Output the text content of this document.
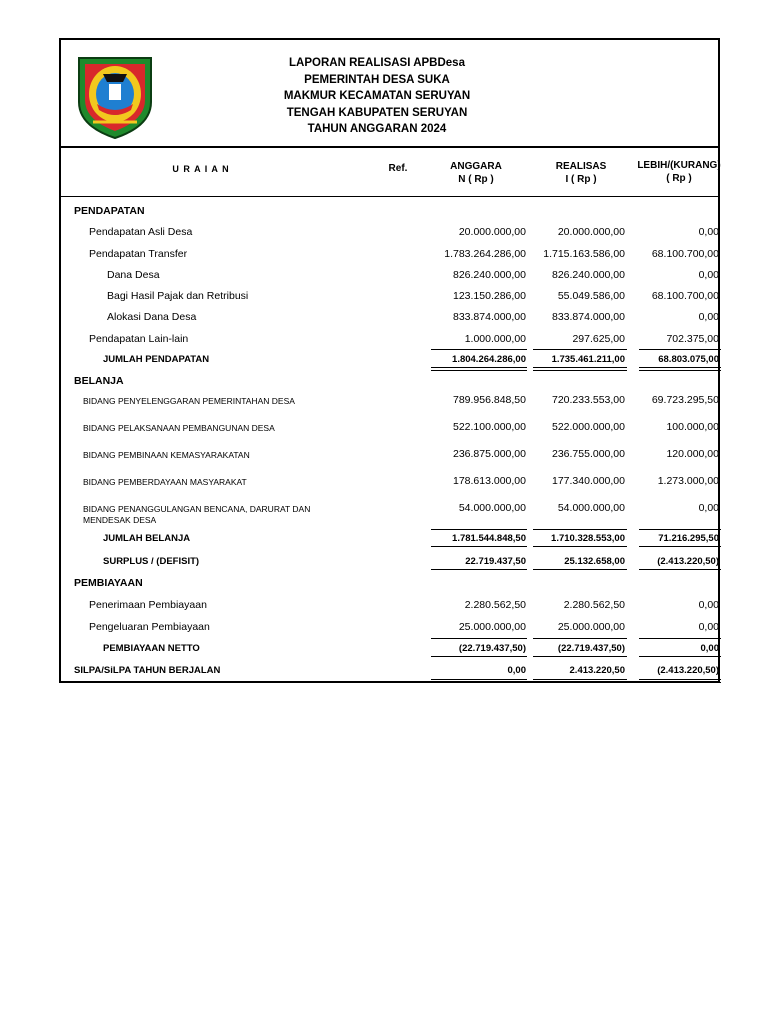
LAPORAN REALISASI APBDesa
PEMERINTAH DESA SUKA
MAKMUR KECAMATAN SERUYAN
TENGAH KABUPATEN SERUYAN
TAHUN ANGGARAN 2024
U R A I A N	Ref.	ANGGARA
N ( Rp )
REALISAS
I ( Rp )
LEBIH/(KURANG)
( Rp )
PENDAPATAN
Pendapatan Asli Desa	20.000.000,00	20.000.000,00	0,00
Pendapatan Transfer	1.783.264.286,00	1.715.163.586,00	68.100.700,00
Dana Desa	826.240.000,00	826.240.000,00	0,00
Bagi Hasil Pajak dan Retribusi	123.150.286,00	55.049.586,00	68.100.700,00
Alokasi Dana Desa	833.874.000,00	833.874.000,00	0,00
Pendapatan Lain-lain	1.000.000,00	297.625,00	702.375,00
JUMLAH PENDAPATAN	1.804.264.286,00	1.735.461.211,00	68.803.075,00
BELANJA
BIDANG PENYELENGGARAN PEMERINTAHAN DESA	789.956.848,50	720.233.553,00	69.723.295,50
BIDANG PELAKSANAAN PEMBANGUNAN DESA	522.100.000,00	522.000.000,00	100.000,00
BIDANG PEMBINAAN KEMASYARAKATAN	236.875.000,00	236.755.000,00	120.000,00
BIDANG PEMBERDAYAAN MASYARAKAT	178.613.000,00	177.340.000,00	1.273.000,00
BIDANG PENANGGULANGAN BENCANA, DARURAT DAN
MENDESAK DESA
54.000.000,00	54.000.000,00	0,00
JUMLAH BELANJA	1.781.544.848,50	1.710.328.553,00	71.216.295,50
SURPLUS / (DEFISIT)	22.719.437,50	25.132.658,00	(2.413.220,50)
PEMBIAYAAN
Penerimaan Pembiayaan	2.280.562,50	2.280.562,50	0,00
Pengeluaran Pembiayaan	25.000.000,00	25.000.000,00	0,00
PEMBIAYAAN NETTO	(22.719.437,50)	(22.719.437,50)	0,00
SILPA/SiLPA TAHUN BERJALAN	0,00	2.413.220,50	(2.413.220,50)
